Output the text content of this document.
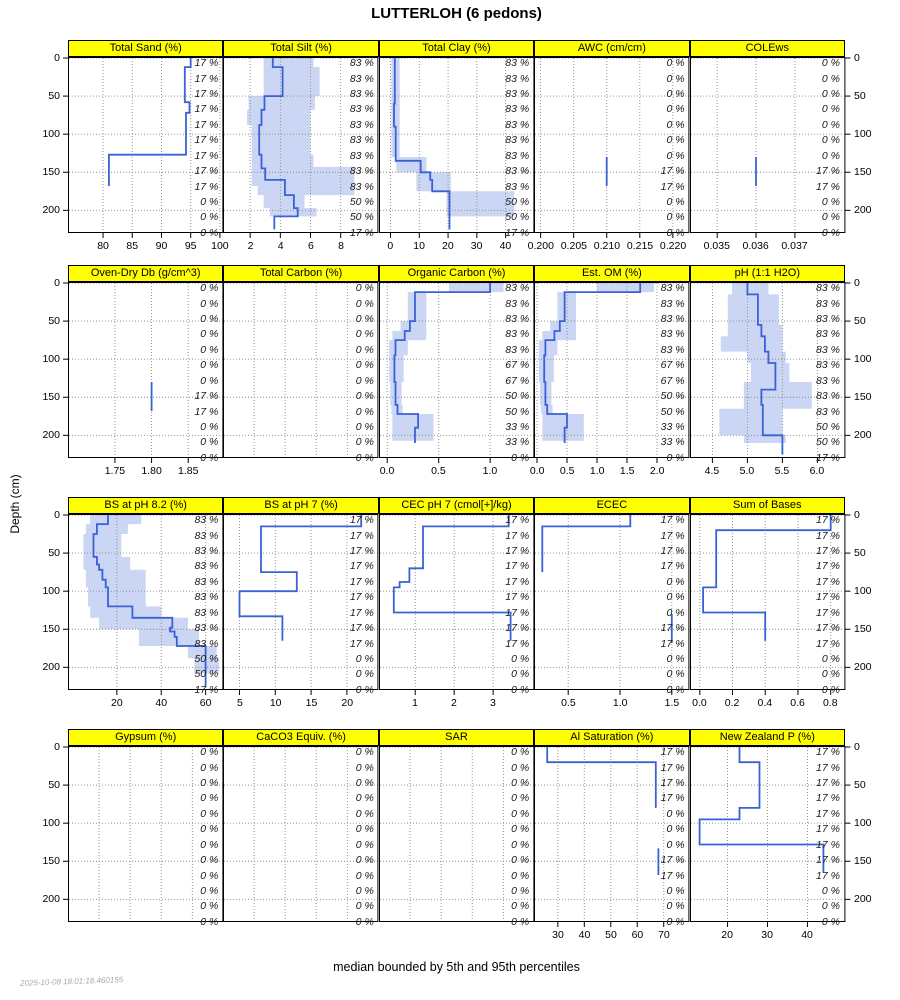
LUTTERLOH (6 pedons)
Depth (cm)
Total Sand (%)
80 85 90 95 100
0
50
100
150
200
17 %
17 %
17 %
17 %
17 %
17 %
17 %
17 %
17 %
0 %
0 %
0 %
Total Silt (%)
2 4 6 8
83 %
83 %
83 %
83 %
83 %
83 %
83 %
83 %
83 %
50 %
50 %
17 %
Total Clay (%)
0 10 20 30 40
83 %
83 %
83 %
83 %
83 %
83 %
83 %
83 %
83 %
50 %
50 %
17 %
AWC (cm/cm)
0.200 0.205 0.210 0.215 0.220
0 %
0 %
0 %
0 %
0 %
0 %
0 %
17 %
17 %
0 %
0 %
0 %
COLEws
0.035 0.036 0.037
0
50
100
150
200
0 %
0 %
0 %
0 %
0 %
0 %
0 %
17 %
17 %
0 %
0 %
0 %
Oven-Dry Db (g/cm^3)
1.75 1.80 1.85
0
50
100
150
200
0 %
0 %
0 %
0 %
0 %
0 %
0 %
17 %
17 %
0 %
0 %
0 %
Total Carbon (%)
0 %
0 %
0 %
0 %
0 %
0 %
0 %
0 %
0 %
0 %
0 %
0 %
Organic Carbon (%)
0.0	0.5	1.0
83 %
83 %
83 %
83 %
83 %
67 %
67 %
50 %
50 %
33 %
33 %
0 %
Est. OM (%)
0.0 0.5 1.0 1.5 2.0
83 %
83 %
83 %
83 %
83 %
67 %
67 %
50 %
50 %
33 %
33 %
0 %
pH (1:1 H2O)
4.5 5.0 5.5 6.0
0
50
100
150
200
83 %
83 %
83 %
83 %
83 %
83 %
83 %
83 %
83 %
50 %
50 %
17 %
BS at pH 8.2 (%)
20	40	60
0
50
100
150
200
83 %
83 %
83 %
83 %
83 %
83 %
83 %
83 %
83 %
50 %
50 %
17 %
BS at pH 7 (%)
5	10 15 20
17 %
17 %
17 %
17 %
17 %
17 %
17 %
17 %
17 %
0 %
0 %
0 %
CEC pH 7 (cmol[+]/kg)
1	2	3
17 %
17 %
17 %
17 %
17 %
17 %
17 %
17 %
17 %
0 %
0 %
0 %
ECEC
0.5	1.0	1.5
17 %
17 %
17 %
17 %
0 %
0 %
0 %
17 %
17 %
0 %
0 %
0 %
Sum of Bases
0.0 0.2 0.4 0.6 0.8
0
50
100
150
200
17 %
17 %
17 %
17 %
17 %
17 %
17 %
17 %
17 %
0 %
0 %
0 %
Gypsum (%)
0
50
100
150
200
0 %
0 %
0 %
0 %
0 %
0 %
0 %
0 %
0 %
0 %
0 %
0 %
CaCO3 Equiv. (%)
0 %
0 %
0 %
0 %
0 %
0 %
0 %
0 %
0 %
0 %
0 %
0 %
SAR
0 %
0 %
0 %
0 %
0 %
0 %
0 %
0 %
0 %
0 %
0 %
0 %
Al Saturation (%)
30 40 50 60 70
17 %
17 %
17 %
17 %
0 %
0 %
0 %
17 %
17 %
0 %
0 %
0 %
New Zealand P (%)
20	30	40
0
50
100
150
200
17 %
17 %
17 %
17 %
17 %
17 %
17 %
17 %
17 %
0 %
0 %
0 %
median bounded by 5th and 95th percentiles
2025-10-08 18:01:18.460155
